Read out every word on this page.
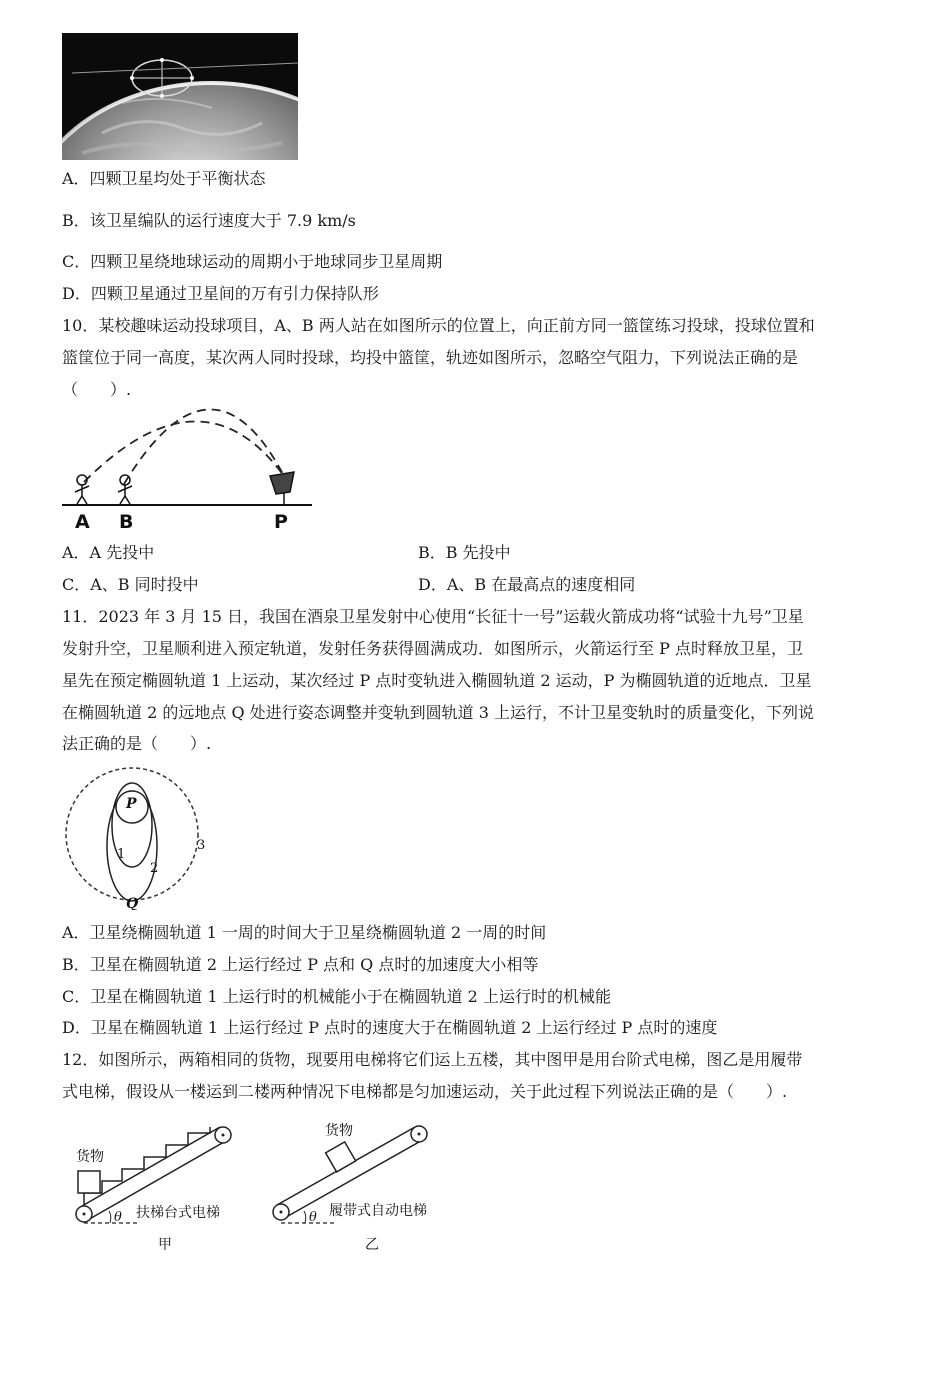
A．四颗卫星均处于平衡状态
B．该卫星编队的运行速度大于 7.9 km/s
C．四颗卫星绕地球运动的周期小于地球同步卫星周期
D．四颗卫星通过卫星间的万有引力保持队形
10．某校趣味运动投球项目，A、B 两人站在如图所示的位置上，向正前方同一篮筐练习投球，投球位置和
篮筐位于同一高度，某次两人同时投球，均投中篮筐，轨迹如图所示，忽略空气阻力，下列说法正确的是
（　　）.
A B	P
A．A 先投中	B．B 先投中
C．A、B 同时投中	D．A、B 在最高点的速度相同
11．2023 年 3 月 15 日，我国在酒泉卫星发射中心使用“长征十一号”运载火箭成功将“试验十九号”卫星
发射升空，卫星顺利进入预定轨道，发射任务获得圆满成功．如图所示，火箭运行至 P 点时释放卫星，卫
星先在预定椭圆轨道 1 上运动，某次经过 P 点时变轨进入椭圆轨道 2 运动，P 为椭圆轨道的近地点．卫星
在椭圆轨道 2 的远地点 Q 处进行姿态调整并变轨到圆轨道 3 上运行，不计卫星变轨时的质量变化，下列说
法正确的是（　　）.
P
1
2
3
Q
A．卫星绕椭圆轨道 1 一周的时间大于卫星绕椭圆轨道 2 一周的时间
B．卫星在椭圆轨道 2 上运行经过 P 点和 Q 点时的加速度大小相等
C．卫星在椭圆轨道 1 上运行时的机械能小于在椭圆轨道 2 上运行时的机械能
D．卫星在椭圆轨道 1 上运行经过 P 点时的速度大于在椭圆轨道 2 上运行经过 P 点时的速度
12．如图所示，两箱相同的货物，现要用电梯将它们运上五楼，其中图甲是用台阶式电梯，图乙是用履带
式电梯，假设从一楼运到二楼两种情况下电梯都是匀加速运动，关于此过程下列说法正确的是（　　）.
θ
货物
扶梯台式电梯
甲
θ
货物
履带式自动电梯
乙
